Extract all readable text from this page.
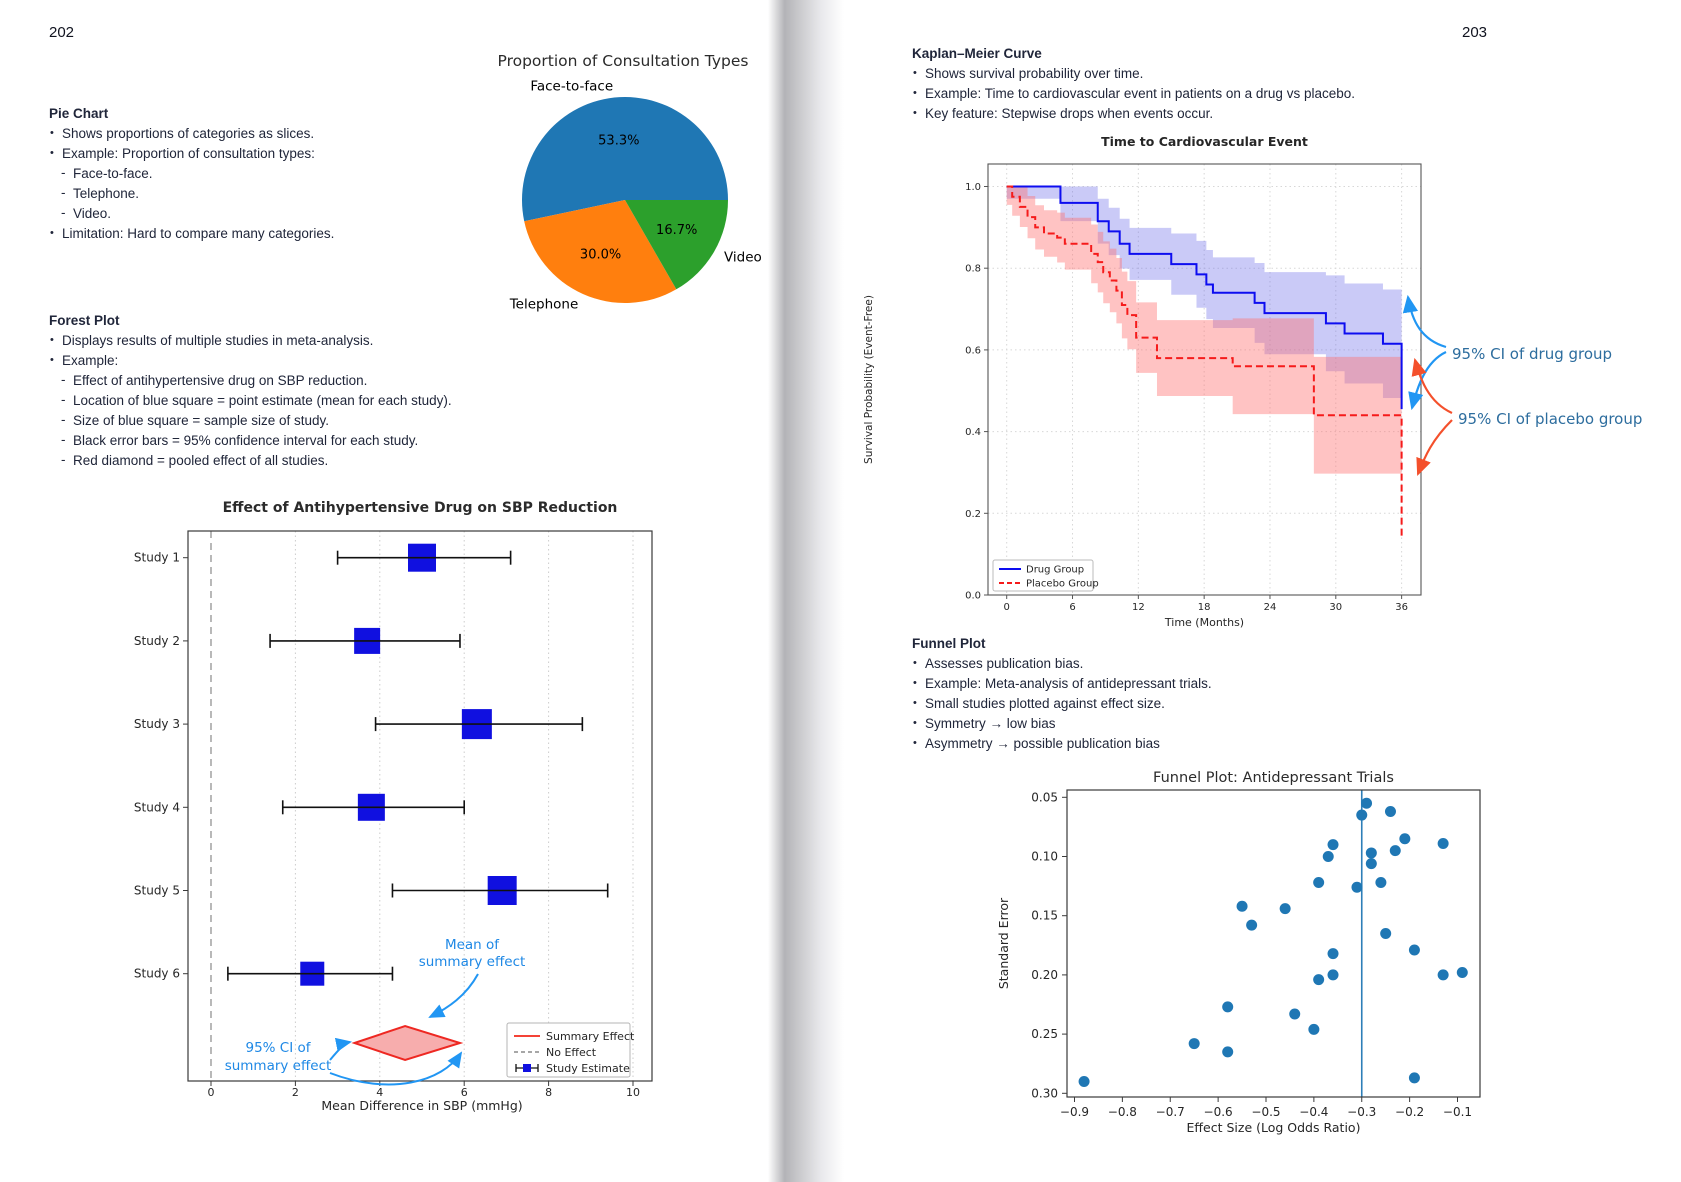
202
Pie Chart
• Shows proportions of categories as slices.
• Example: Proportion of consultation types:
- Face-to-face.
- Telephone.
- Video.
• Limitation: Hard to compare many categories.
Proportion of Consultation Types
53.3%
Face-to-face
30.0%
Telephone
16.7%
Video
Forest Plot
• Displays results of multiple studies in meta-analysis.
• Example:
- Effect of antihypertensive drug on SBP reduction.
- Location of blue square = point estimate (mean for each study).
- Size of blue square = sample size of study.
- Black error bars = 95% confidence interval for each study.
- Red diamond = pooled effect of all studies.
Effect of Antihypertensive Drug on SBP Reduction
Study 1
Study 2
Study 3
Study 4
Study 5
Study 6
0	2	4	6	8	10
Mean Difference in SBP (mmHg)
Summary Effect
No Effect
Study Estimate
Mean of
summary effect
95% CI of
summary effect
203
Kaplan–Meier Curve
• Shows survival probability over time.
• Example: Time to cardiovascular event in patients on a drug vs placebo.
• Key feature: Stepwise drops when events occur.
Time to Cardiovascular Event
0	6	12	18	24	30	36
0.0
0.2
0.4
0.6
0.8
1.0
Time (Months)
Survival Probability (Event-Free)
Drug Group
Placebo Group
95% CI of drug group
95% CI of placebo group
Funnel Plot
• Assesses publication bias.
• Example: Meta-analysis of antidepressant trials.
• Small studies plotted against effect size.
• Symmetry → low bias
• Asymmetry → possible publication bias
Funnel Plot: Antidepressant Trials
−0.9 −0.8 −0.7 −0.6 −0.5 −0.4 −0.3 −0.2 −0.1
0.05
0.10
0.15
0.20
0.25
0.30
Effect Size (Log Odds Ratio)
Standard Error
